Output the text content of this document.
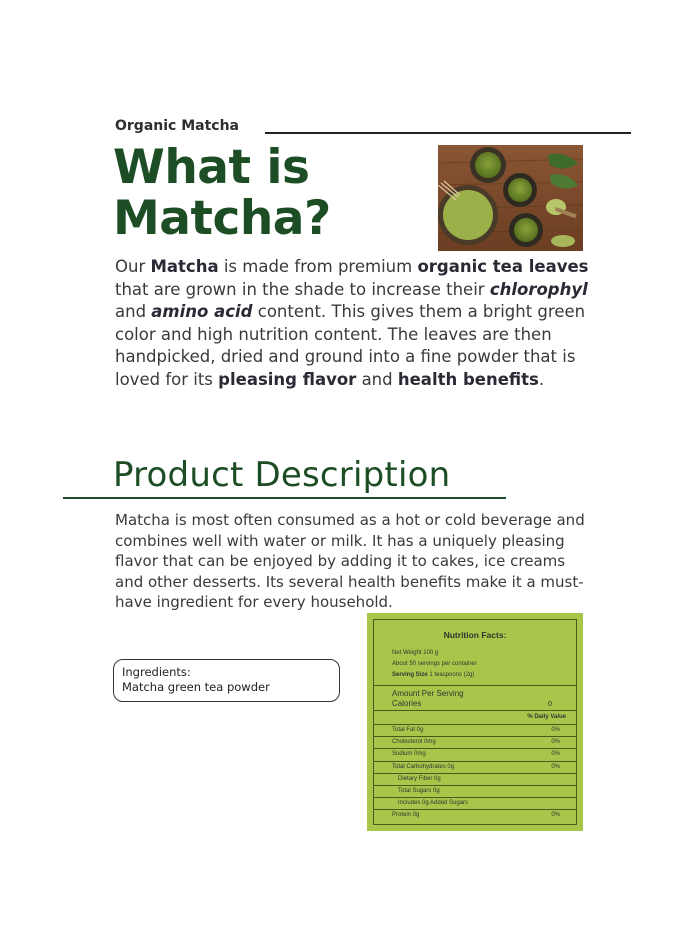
Organic Matcha
What is
Matcha?
Our Matcha is made from premium organic tea leaves that are grown in the shade to increase their chlorophyl and amino acid content. This gives them a bright green color and high nutrition content. The leaves are then handpicked, dried and ground into a fine powder that is loved for its pleasing flavor and health benefits.
Product Description
Matcha is most often consumed as a hot or cold beverage and combines well with water or milk. It has a uniquely pleasing flavor that can be enjoyed by adding it to cakes, ice creams and other desserts. Its several health benefits make it a must-have ingredient for every household.
Ingredients:
Matcha green tea powder
Nutrition Facts:
Net Weight 100 g
About 50 servings per container
Serving Size 1 teaspoons (2g)
Amount Per Serving
Calories	0
% Daily Value
Total Fat 0g	0%
Cholesterol 0mg	0%
Sodium 0mg	0%
Total Carbohydrates 0g	0%
Dietary Fiber 0g
Total Sugars 0g
Includes 0g Added Sugars
Protein 0g	0%
